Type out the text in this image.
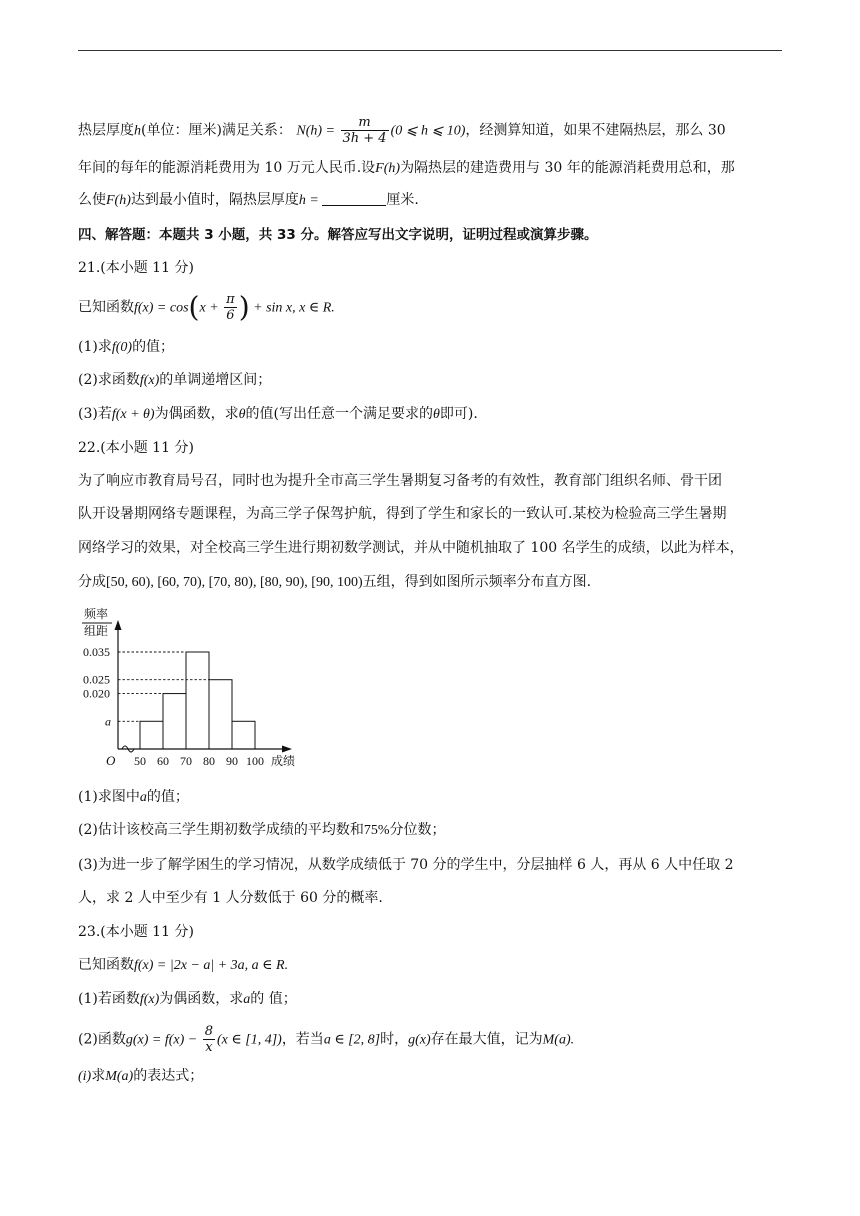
热层厚度h(单位：厘米)满足关系： $N(h) = \frac{m}{3h + 4} (0$ ⩽ h ⩽ 10)，经测算知道，如果不建隔热层，那么 30
年间的每年的能源消耗费用为 10 万元人民币.设F(h)为隔热层的建造费用与 30 年的能源消耗费用总和，那
么使F(h)达到最小值时，隔热层厚度h =	厘米.
四、解答题：本题共 3 小题，共 33 分。解答应写出文字说明，证明过程或演算步骤。
21.(本小题 11 分)
已知函数$f(x) = \cos(x + \frac{\pi}{6}$ ) + sin x, x ∈ R.
(1)求f(0)的值；
(2)求函数f(x)的单调递增区间；
(3)若f(x + θ)为偶函数，求θ的值(写出任意一个满足要求的θ即可).
22.(本小题 11 分)
为了响应市教育局号召，同时也为提升全市高三学生暑期复习备考的有效性，教育部门组织名师、骨干团
队开设暑期网络专题课程，为高三学子保驾护航，得到了学生和家长的一致认可.某校为检验高三学生暑期
网络学习的效果，对全校高三学生进行期初数学测试，并从中随机抽取了 100 名学生的成绩，以此为样本，
分成[50, 60), [60, 70), [70, 80), [80, 90), [90, 100)五组，得到如图所示频率分布直方图.
频率
组距
O
a
0.020
0.025
0.035
50 60 70 80 90 100 成绩
(1)求图中a的值；
(2)估计该校高三学生期初数学成绩的平均数和75%分位数；
(3)为进一步了解学困生的学习情况，从数学成绩低于 70 分的学生中，分层抽样 6 人，再从 6 人中任取 2
人，求 2 人中至少有 1 人分数低于 60 分的概率.
23.(本小题 11 分)
已知函数f(x) = |2x − a| + 3a, a ∈ R.
(1)若函数f(x)为偶函数，求a的 值；
(2)函数$g(x) = f(x) - \frac{8}{x} (x$ ∈ [1, 4])，若当a ∈ [2, 8]时，g(x)存在最大值，记为M(a).
(i)求M(a)的表达式；
